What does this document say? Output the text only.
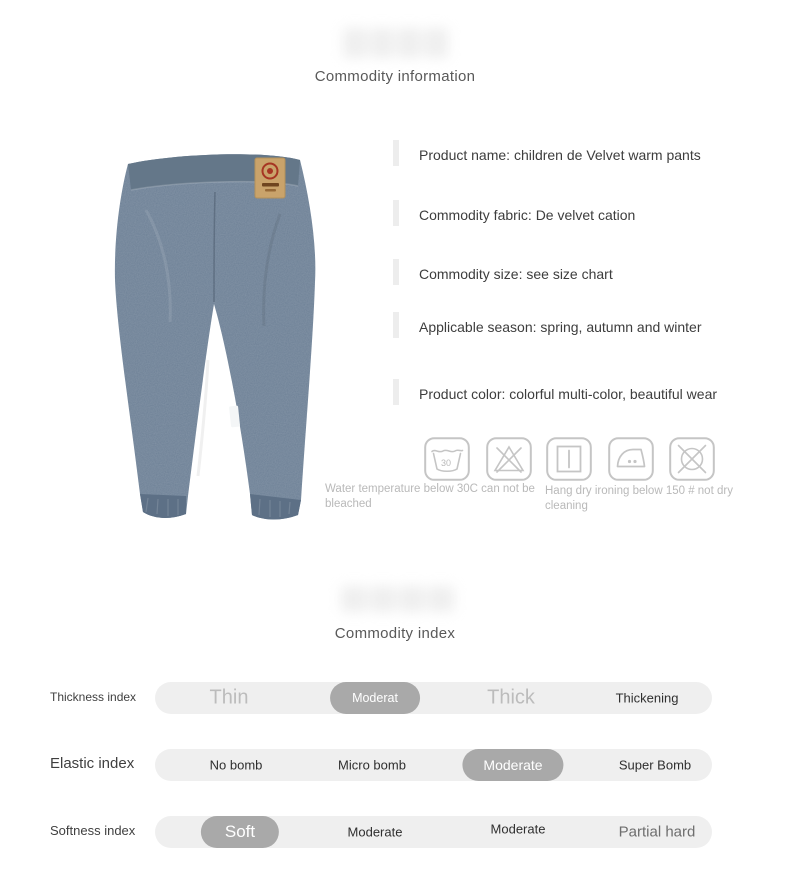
Commodity information
Product name: children de Velvet warm pants
Commodity fabric: De velvet cation
Commodity size: see size chart
Applicable season: spring, autumn and winter
Product color: colorful multi-color, beautiful wear
30
Water temperature below 30C can not be bleached
Hang dry ironing below 150 # not dry cleaning
Commodity index
Thickness index	Thin	Moderat	Thick	Thickening
Elastic index	No bomb	Micro bomb	Moderate	Super Bomb
Softness index	Soft	Moderate	Moderate	Partial hard
